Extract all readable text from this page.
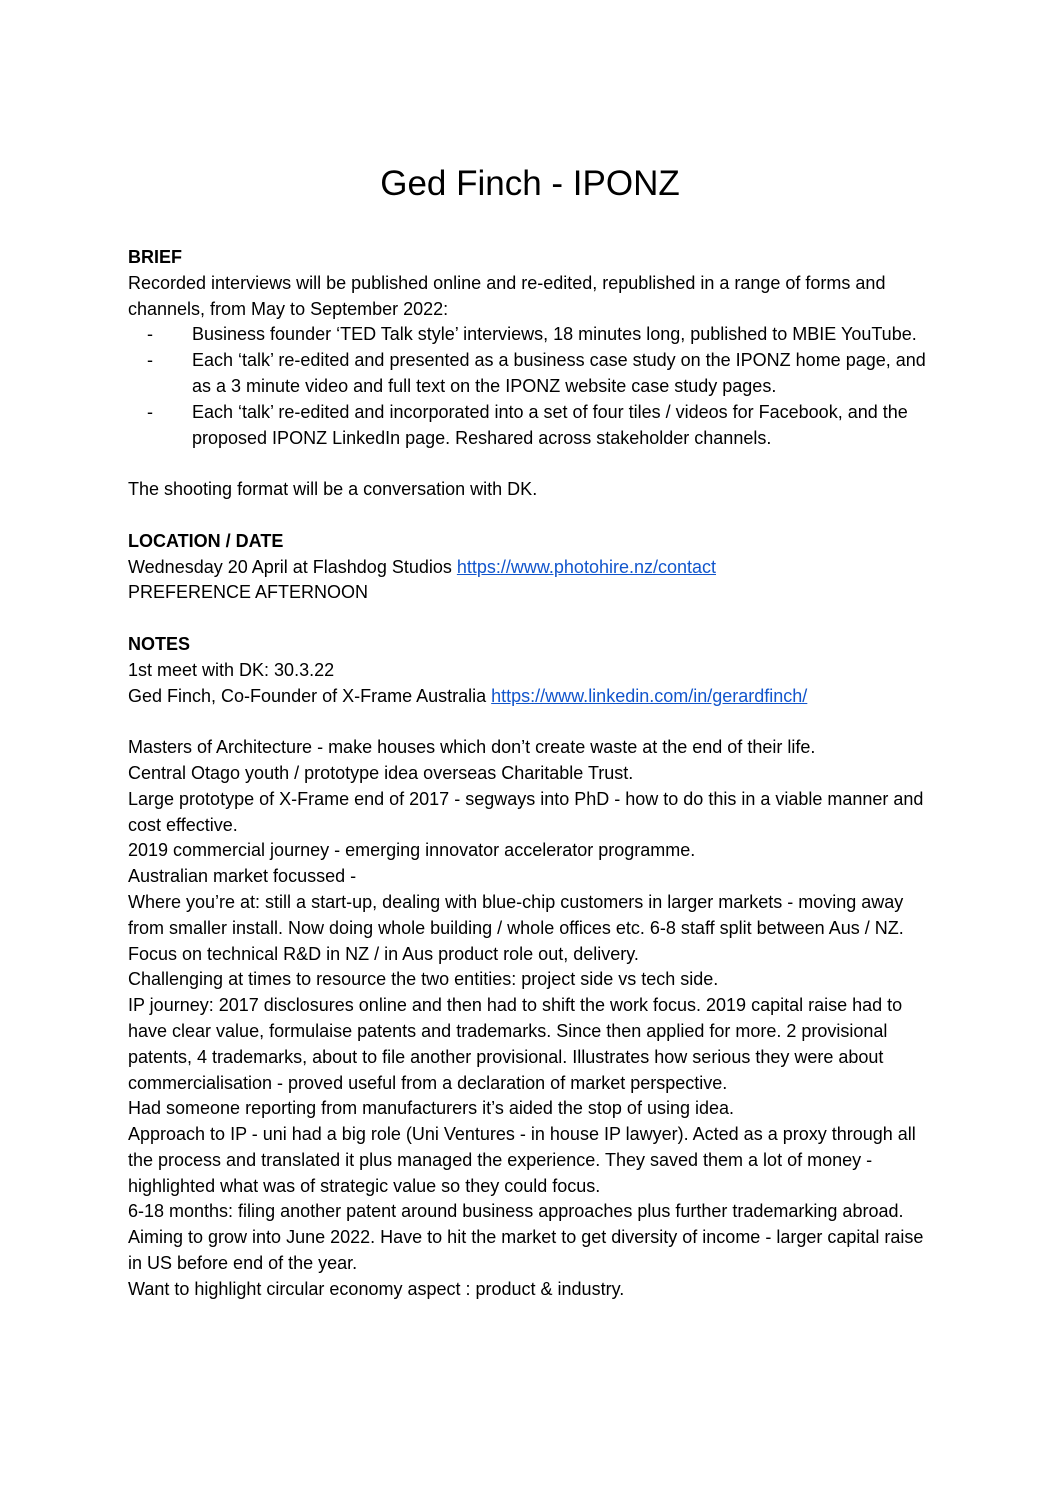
Ged Finch - IPONZ

BRIEF

Recorded interviews will be published online and re-edited, republished in a range of forms and channels, from May to September 2022:

- Business founder ‘TED Talk style’ interviews, 18 minutes long, published to MBIE YouTube.
- Each ‘talk’ re-edited and presented as a business case study on the IPONZ home page, and as a 3 minute video and full text on the IPONZ website case study pages.
- Each ‘talk’ re-edited and incorporated into a set of four tiles / videos for Facebook, and the proposed IPONZ LinkedIn page. Reshared across stakeholder channels.

The shooting format will be a conversation with DK.

LOCATION / DATE

Wednesday 20 April at Flashdog Studios https://www.photohire.nz/contact

PREFERENCE AFTERNOON

NOTES

1st meet with DK: 30.3.22

Ged Finch, Co-Founder of X-Frame Australia https://www.linkedin.com/in/gerardfinch/

Masters of Architecture - make houses which don’t create waste at the end of their life.

Central Otago youth / prototype idea overseas Charitable Trust.

Large prototype of X-Frame end of 2017 - segways into PhD - how to do this in a viable manner and cost effective.

2019 commercial journey - emerging innovator accelerator programme.

Australian market focussed -

Where you’re at: still a start-up, dealing with blue-chip customers in larger markets - moving away from smaller install. Now doing whole building / whole offices etc. 6-8 staff split between Aus / NZ. Focus on technical R&D in NZ / in Aus product role out, delivery.

Challenging at times to resource the two entities: project side vs tech side.

IP journey: 2017 disclosures online and then had to shift the work focus. 2019 capital raise had to have clear value, formulaise patents and trademarks. Since then applied for more. 2 provisional patents, 4 trademarks, about to file another provisional. Illustrates how serious they were about commercialisation - proved useful from a declaration of market perspective.

Had someone reporting from manufacturers it’s aided the stop of using idea.

Approach to IP - uni had a big role (Uni Ventures - in house IP lawyer). Acted as a proxy through all the process and translated it plus managed the experience. They saved them a lot of money - highlighted what was of strategic value so they could focus.

6-18 months: filing another patent around business approaches plus further trademarking abroad. Aiming to grow into June 2022. Have to hit the market to get diversity of income - larger capital raise in US before end of the year.

Want to highlight circular economy aspect : product & industry.
